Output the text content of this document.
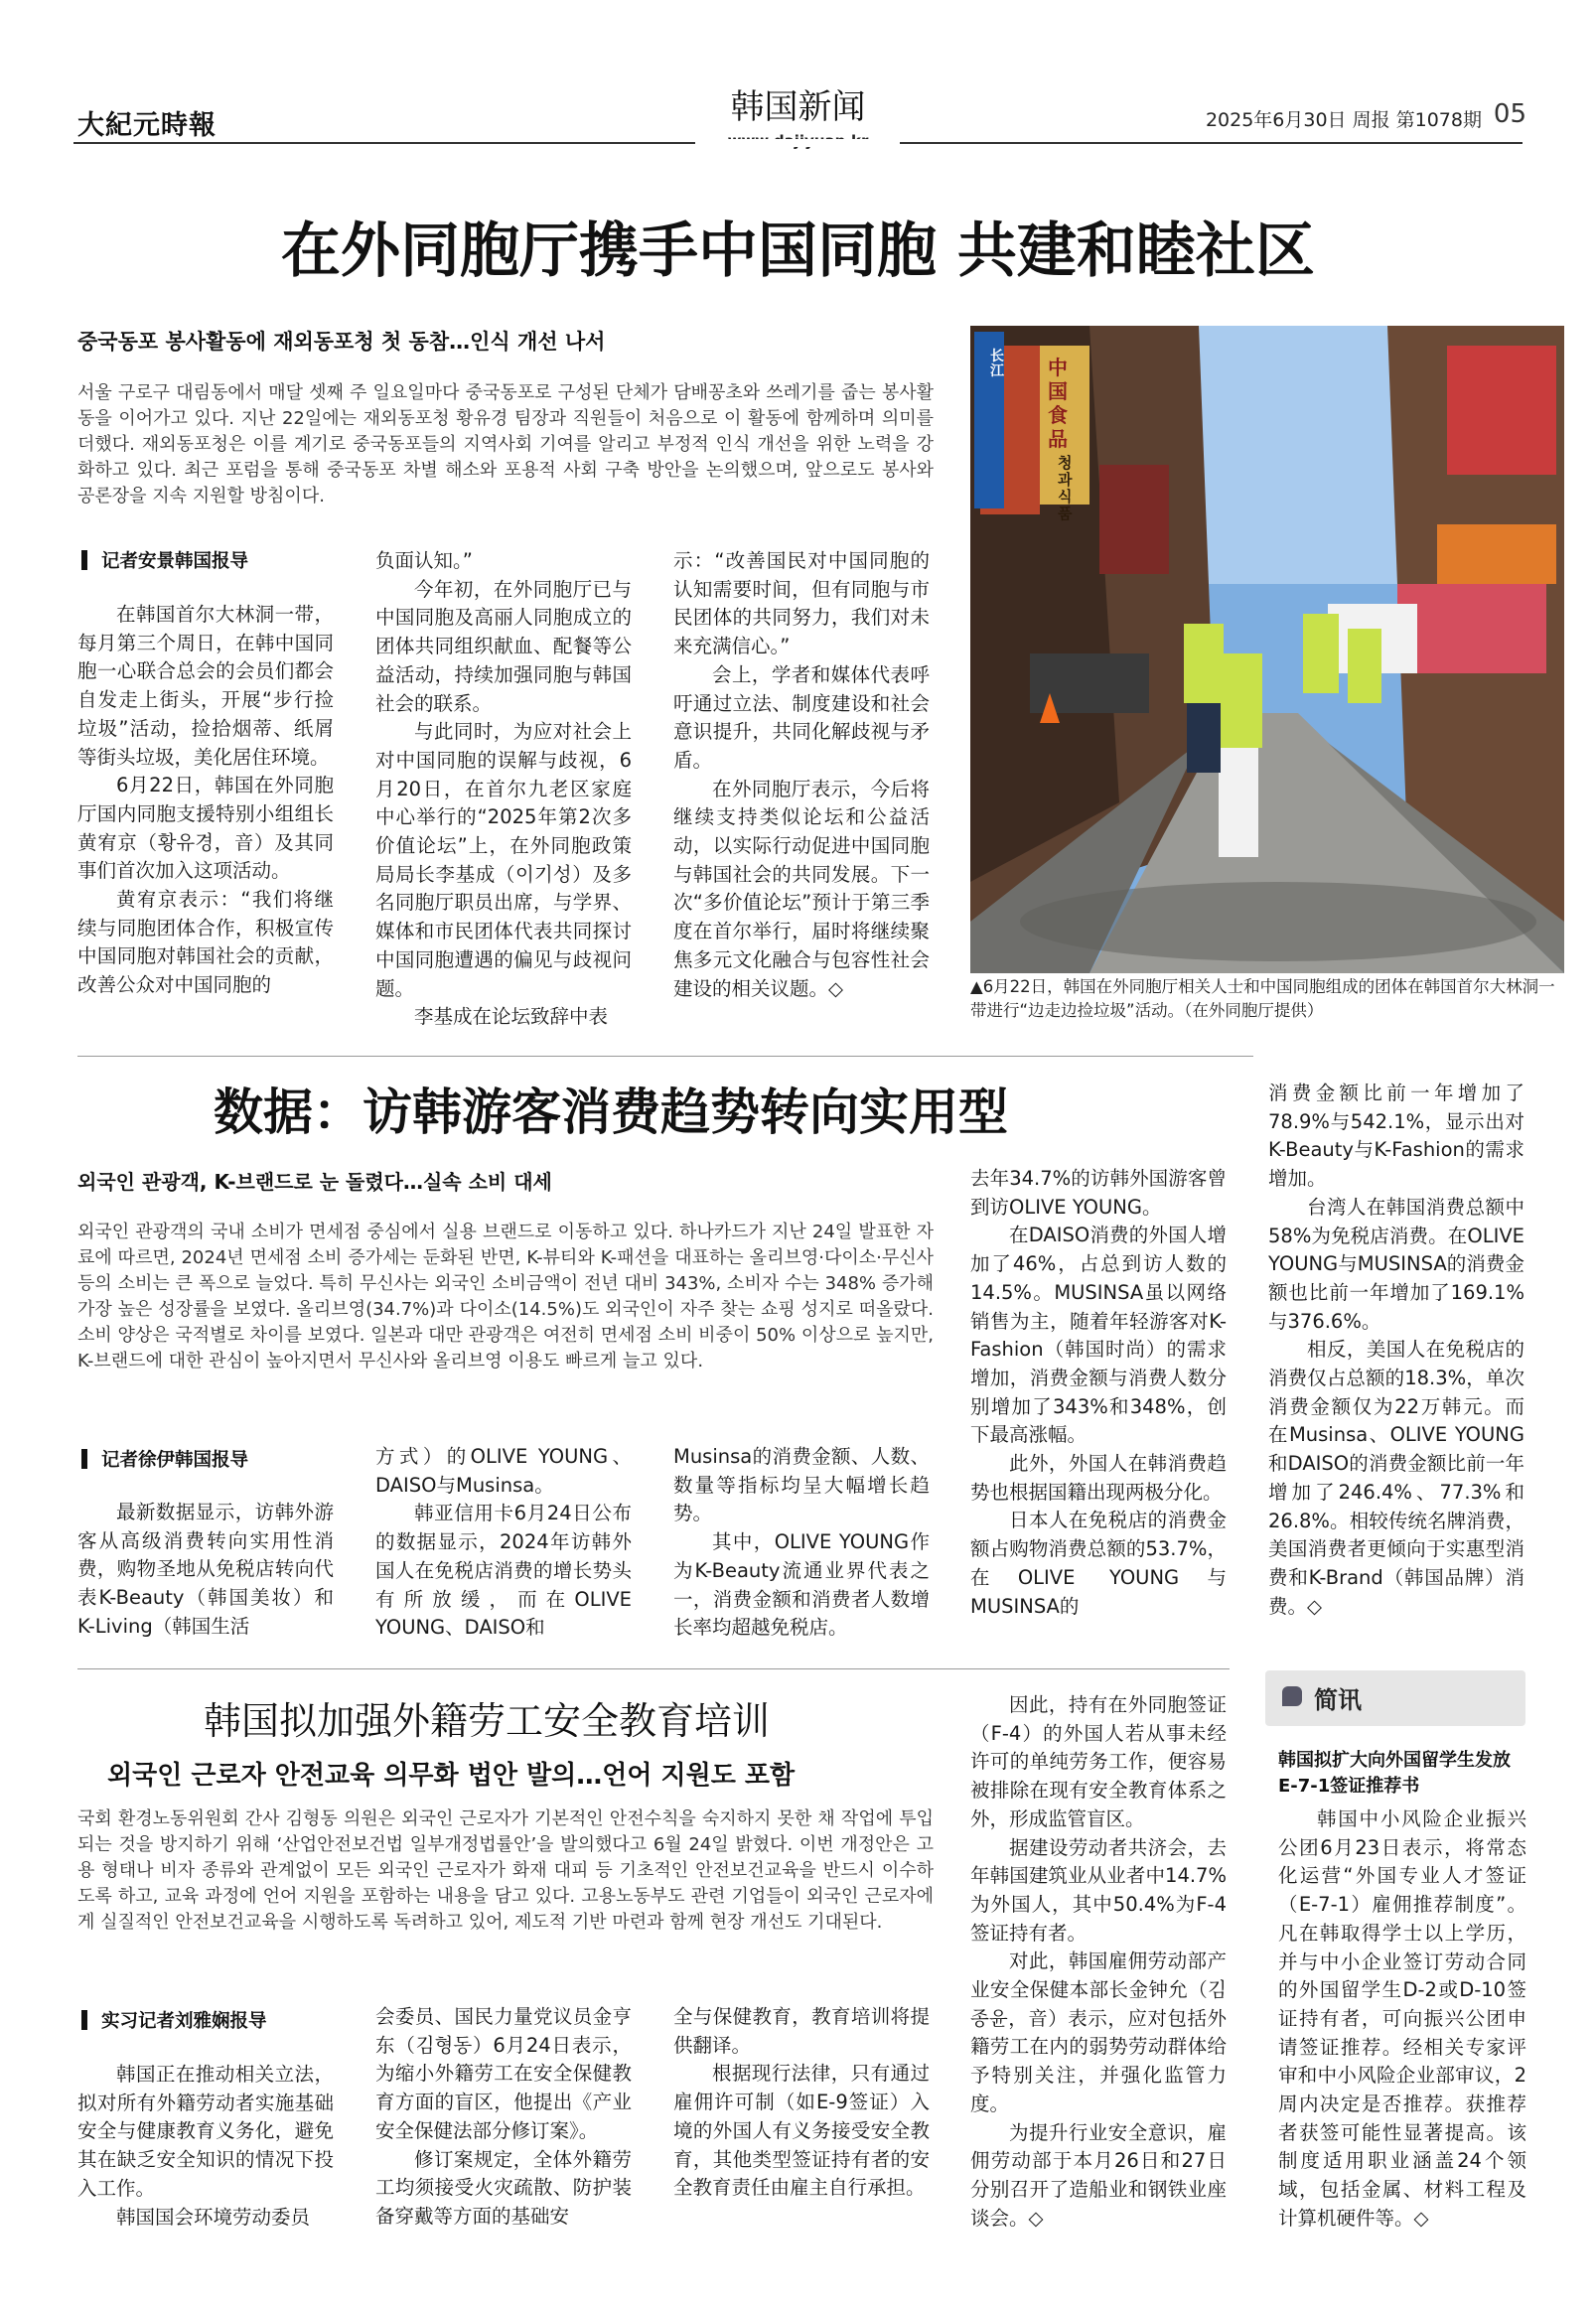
大紀元時報	韩国新闻	2025年6月30日 周报 第1078期 05
在外同胞厅携手中国同胞 共建和睦社区
중국동포 봉사활동에 재외동포청 첫 동참…인식 개선 나서
서울 구로구 대림동에서 매달 셋째 주 일요일마다 중국동포로 구성된 단체가 담배꽁초와 쓰레기를 줍는 봉사활동을 이어가고 있다. 지난 22일에는 재외동포청 황유경 팀장과 직원들이 처음으로 이 활동에 함께하며 의미를 더했다. 재외동포청은 이를 계기로 중국동포들의 지역사회 기여를 알리고 부정적 인식 개선을 위한 노력을 강화하고 있다. 최근 포럼을 통해 중국동포 차별 해소와 포용적 사회 구축 방안을 논의했으며, 앞으로도 봉사와 공론장을 지속 지원할 방침이다.
记者安景韩国报导

在韩国首尔大林洞一带，每月第三个周日，在韩中国同胞一心联合总会的会员们都会自发走上街头，开展“步行捡垃圾”活动，捡拾烟蒂、纸屑等街头垃圾，美化居住环境。

6月22日，韩国在外同胞厅国内同胞支援特别小组组长黄宥京（황유경，音）及其同事们首次加入这项活动。

黄宥京表示：“我们将继续与同胞团体合作，积极宣传中国同胞对韩国社会的贡献，改善公众对中国同胞的

负面认知。”

今年初，在外同胞厅已与中国同胞及高丽人同胞成立的团体共同组织献血、配餐等公益活动，持续加强同胞与韩国社会的联系。

与此同时，为应对社会上对中国同胞的误解与歧视，6月20日，在首尔九老区家庭中心举行的“2025年第2次多价值论坛”上，在外同胞政策局局长李基成（이기성）及多名同胞厅职员出席，与学界、媒体和市民团体代表共同探讨中国同胞遭遇的偏见与歧视问题。

李基成在论坛致辞中表

示：“改善国民对中国同胞的认知需要时间，但有同胞与市民团体的共同努力，我们对未来充满信心。”

会上，学者和媒体代表呼吁通过立法、制度建设和社会意识提升，共同化解歧视与矛盾。

在外同胞厅表示，今后将继续支持类似论坛和公益活动，以实际行动促进中国同胞与韩国社会的共同发展。下一次“多价值论坛”预计于第三季度在首尔举行，届时将继续聚焦多元文化融合与包容性社会建设的相关议题。◇

长江	中国食品
청과식품
▲6月22日，韩国在外同胞厅相关人士和中国同胞组成的团体在韩国首尔大林洞一带进行“边走边捡垃圾”活动。（在外同胞厅提供）
数据：访韩游客消费趋势转向实用型
외국인 관광객, K-브랜드로 눈 돌렸다…실속 소비 대세
외국인 관광객의 국내 소비가 면세점 중심에서 실용 브랜드로 이동하고 있다. 하나카드가 지난 24일 발표한 자료에 따르면, 2024년 면세점 소비 증가세는 둔화된 반면, K-뷰티와 K-패션을 대표하는 올리브영·다이소·무신사 등의 소비는 큰 폭으로 늘었다. 특히 무신사는 외국인 소비금액이 전년 대비 343%, 소비자 수는 348% 증가해 가장 높은 성장률을 보였다. 올리브영(34.7%)과 다이소(14.5%)도 외국인이 자주 찾는 쇼핑 성지로 떠올랐다. 소비 양상은 국적별로 차이를 보였다. 일본과 대만 관광객은 여전히 면세점 소비 비중이 50% 이상으로 높지만, K-브랜드에 대한 관심이 높아지면서 무신사와 올리브영 이용도 빠르게 늘고 있다.
记者徐伊韩国报导

最新数据显示，访韩外游客从高级消费转向实用性消费，购物圣地从免税店转向代表K-Beauty（韩国美妆）和K-Living（韩国生活

方式）的OLIVE YOUNG、DAISO与Musinsa。

韩亚信用卡6月24日公布的数据显示，2024年访韩外国人在免税店消费的增长势头有所放缓，而在OLIVE YOUNG、DAISO和

Musinsa的消费金额、人数、数量等指标均呈大幅增长趋势。

其中，OLIVE YOUNG作为K-Beauty流通业界代表之一，消费金额和消费者人数增长率均超越免税店。

去年34.7%的访韩外国游客曾到访OLIVE YOUNG。

在DAISO消费的外国人增加了46%，占总到访人数的14.5%。MUSINSA虽以网络销售为主，随着年轻游客对K-Fashion（韩国时尚）的需求增加，消费金额与消费人数分别增加了343%和348%，创下最高涨幅。

此外，外国人在韩消费趋势也根据国籍出现两极分化。

日本人在免税店的消费金额占购物消费总额的53.7%，在OLIVE YOUNG与MUSINSA的

消费金额比前一年增加了78.9%与542.1%，显示出对K-Beauty与K-Fashion的需求增加。

台湾人在韩国消费总额中58%为免税店消费。在OLIVE YOUNG与MUSINSA的消费金额也比前一年增加了169.1%与376.6%。

相反，美国人在免税店的消费仅占总额的18.3%，单次消费金额仅为22万韩元。而在Musinsa、OLIVE YOUNG和DAISO的消费金额比前一年增加了246.4%、77.3%和26.8%。相较传统名牌消费，美国消费者更倾向于实惠型消费和K-Brand（韩国品牌）消费。◇

韩国拟加强外籍劳工安全教育培训
외국인 근로자 안전교육 의무화 법안 발의…언어 지원도 포함
국회 환경노동위원회 간사 김형동 의원은 외국인 근로자가 기본적인 안전수칙을 숙지하지 못한 채 작업에 투입되는 것을 방지하기 위해 ‘산업안전보건법 일부개정법률안’을 발의했다고 6월 24일 밝혔다. 이번 개정안은 고용 형태나 비자 종류와 관계없이 모든 외국인 근로자가 화재 대피 등 기초적인 안전보건교육을 반드시 이수하도록 하고, 교육 과정에 언어 지원을 포함하는 내용을 담고 있다. 고용노동부도 관련 기업들이 외국인 근로자에게 실질적인 안전보건교육을 시행하도록 독려하고 있어, 제도적 기반 마련과 함께 현장 개선도 기대된다.
实习记者刘雅娴报导

韩国正在推动相关立法，拟对所有外籍劳动者实施基础安全与健康教育义务化，避免其在缺乏安全知识的情况下投入工作。

韩国国会环境劳动委员

会委员、国民力量党议员金亨东（김형동）6月24日表示，为缩小外籍劳工在安全保健教育方面的盲区，他提出《产业安全保健法部分修订案》。

修订案规定，全体外籍劳工均须接受火灾疏散、防护装备穿戴等方面的基础安

全与保健教育，教育培训将提供翻译。

根据现行法律，只有通过雇佣许可制（如E-9签证）入境的外国人有义务接受安全教育，其他类型签证持有者的安全教育责任由雇主自行承担。

因此，持有在外同胞签证（F-4）的外国人若从事未经许可的单纯劳务工作，便容易被排除在现有安全教育体系之外，形成监管盲区。

据建设劳动者共济会，去年韩国建筑业从业者中14.7%为外国人，其中50.4%为F-4签证持有者。

对此，韩国雇佣劳动部产业安全保健本部长金钟允（김종윤，音）表示，应对包括外籍劳工在内的弱势劳动群体给予特别关注，并强化监管力度。

为提升行业安全意识，雇佣劳动部于本月26日和27日分别召开了造船业和钢铁业座谈会。◇

简讯
韩国拟扩大向外国留学生发放E-7-1签证推荐书

韩国中小风险企业振兴公团6月23日表示，将常态化运营“外国专业人才签证（E-7-1）雇佣推荐制度”。凡在韩取得学士以上学历，并与中小企业签订劳动合同的外国留学生D-2或D-10签证持有者，可向振兴公团申请签证推荐。经相关专家评审和中小风险企业部审议，2周内决定是否推荐。获推荐者获签可能性显著提高。该制度适用职业涵盖24个领域，包括金属、材料工程及计算机硬件等。◇
